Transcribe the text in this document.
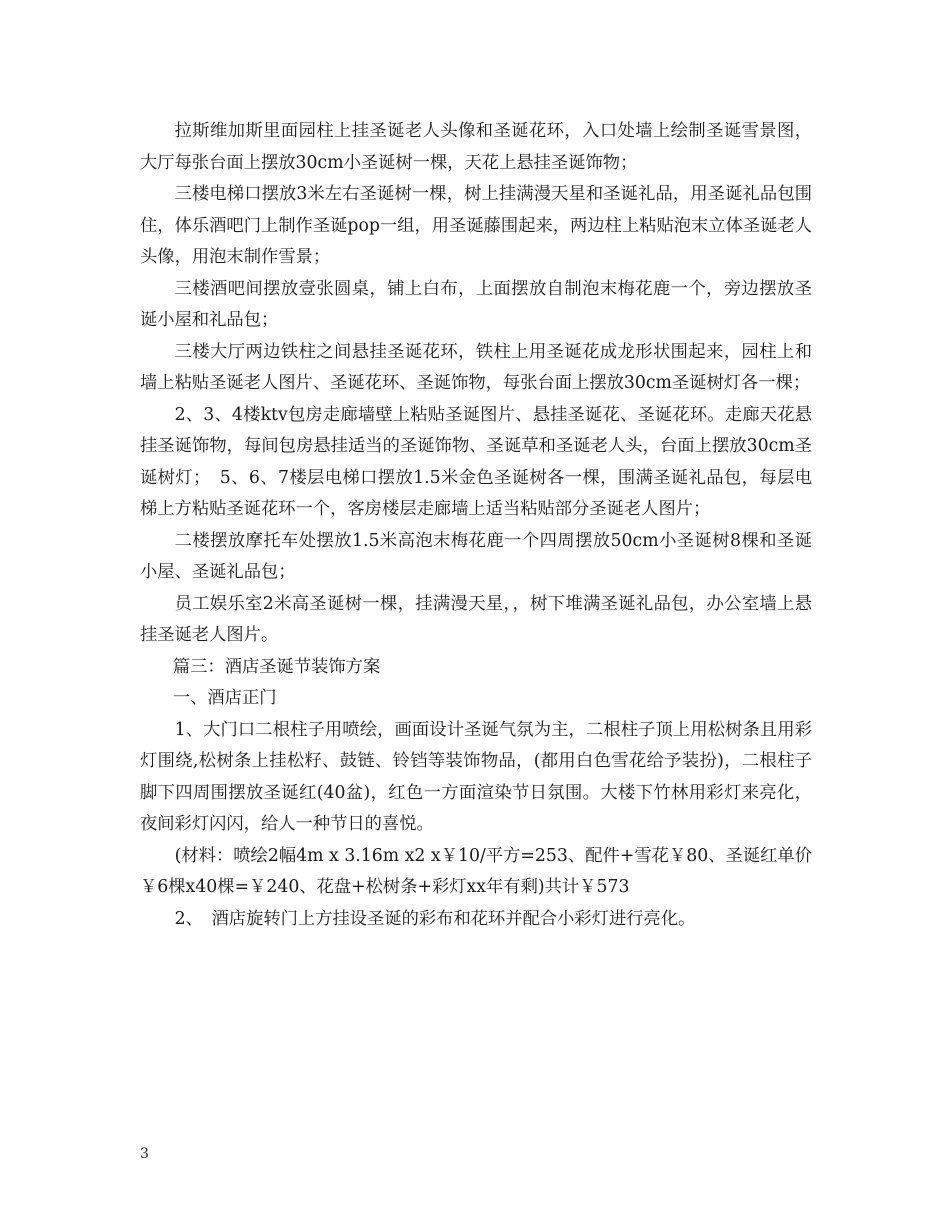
拉斯维加斯里面园柱上挂圣诞老人头像和圣诞花环，入口处墙上绘制圣诞雪景图，大厅每张台面上摆放30cm小圣诞树一棵，天花上悬挂圣诞饰物；

三楼电梯口摆放3米左右圣诞树一棵，树上挂满漫天星和圣诞礼品，用圣诞礼品包围住，体乐酒吧门上制作圣诞pop一组，用圣诞藤围起来，两边柱上粘贴泡末立体圣诞老人头像，用泡末制作雪景；

三楼酒吧间摆放壹张圆桌，铺上白布，上面摆放自制泡末梅花鹿一个，旁边摆放圣诞小屋和礼品包；

三楼大厅两边铁柱之间悬挂圣诞花环，铁柱上用圣诞花成龙形状围起来，园柱上和墙上粘贴圣诞老人图片、圣诞花环、圣诞饰物，每张台面上摆放30cm圣诞树灯各一棵；

2、3、4楼ktv包房走廊墙壁上粘贴圣诞图片、悬挂圣诞花、圣诞花环。走廊天花悬挂圣诞饰物，每间包房悬挂适当的圣诞饰物、圣诞草和圣诞老人头，台面上摆放30cm圣诞树灯；　5、6、7楼层电梯口摆放1.5米金色圣诞树各一棵，围满圣诞礼品包，每层电梯上方粘贴圣诞花环一个，客房楼层走廊墙上适当粘贴部分圣诞老人图片；

二楼摆放摩托车处摆放1.5米高泡末梅花鹿一个四周摆放50cm小圣诞树8棵和圣诞小屋、圣诞礼品包；

员工娱乐室2米高圣诞树一棵，挂满漫天星，，树下堆满圣诞礼品包，办公室墙上悬挂圣诞老人图片。

篇三：酒店圣诞节装饰方案

一、酒店正门

1、大门口二根柱子用喷绘，画面设计圣诞气氛为主，二根柱子顶上用松树条且用彩灯围绕,松树条上挂松籽、鼓链、铃铛等装饰物品，(都用白色雪花给予装扮)，二根柱子脚下四周围摆放圣诞红(40盆)，红色一方面渲染节日氛围。大楼下竹林用彩灯来亮化，夜间彩灯闪闪，给人一种节日的喜悦。

(材料：喷绘2幅4m x 3.16m x2 x￥10/平方=253、配件+雪花￥80、圣诞红单价￥6棵x40棵=￥240、花盘+松树条+彩灯xx年有剩)共计￥573

2、　酒店旋转门上方挂设圣诞的彩布和花环并配合小彩灯进行亮化。

3
